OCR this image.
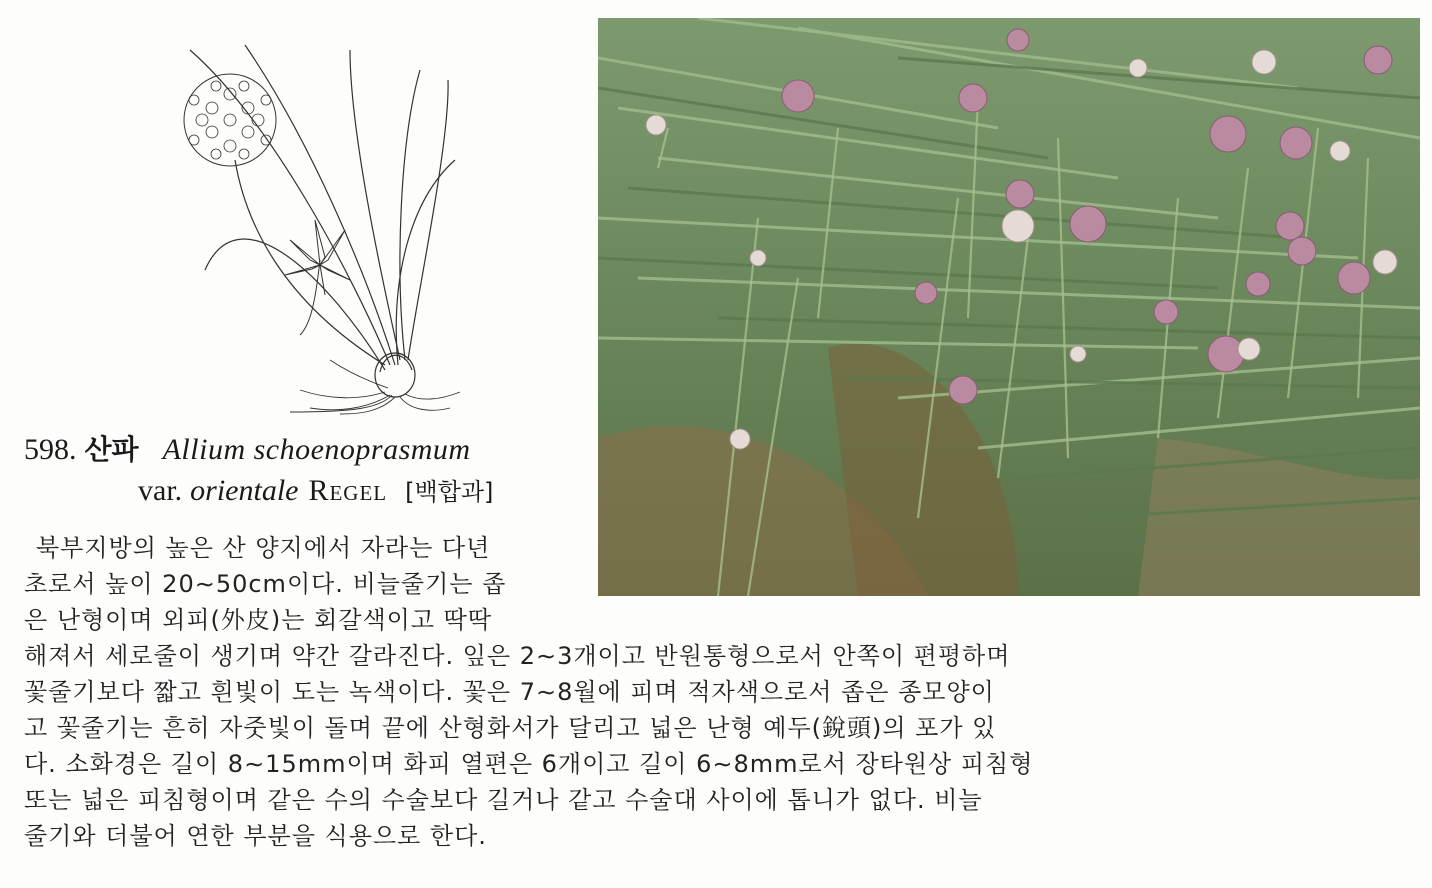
598. 산파 Allium schoenoprasmum
var. orientale Regel [백합과]
북부지방의 높은 산 양지에서 자라는 다년
초로서 높이 20∼50cm이다. 비늘줄기는 좁
은 난형이며 외피(外皮)는 회갈색이고 딱딱
해져서 세로줄이 생기며 약간 갈라진다. 잎은 2∼3개이고 반원통형으로서 안쪽이 편평하며
꽃줄기보다 짧고 흰빛이 도는 녹색이다. 꽃은 7∼8월에 피며 적자색으로서 좁은 종모양이
고 꽃줄기는 흔히 자줏빛이 돌며 끝에 산형화서가 달리고 넓은 난형 예두(銳頭)의 포가 있
다. 소화경은 길이 8∼15mm이며 화피 열편은 6개이고 길이 6∼8mm로서 장타원상 피침형
또는 넓은 피침형이며 같은 수의 수술보다 길거나 같고 수술대 사이에 톱니가 없다. 비늘
줄기와 더불어 연한 부분을 식용으로 한다.
